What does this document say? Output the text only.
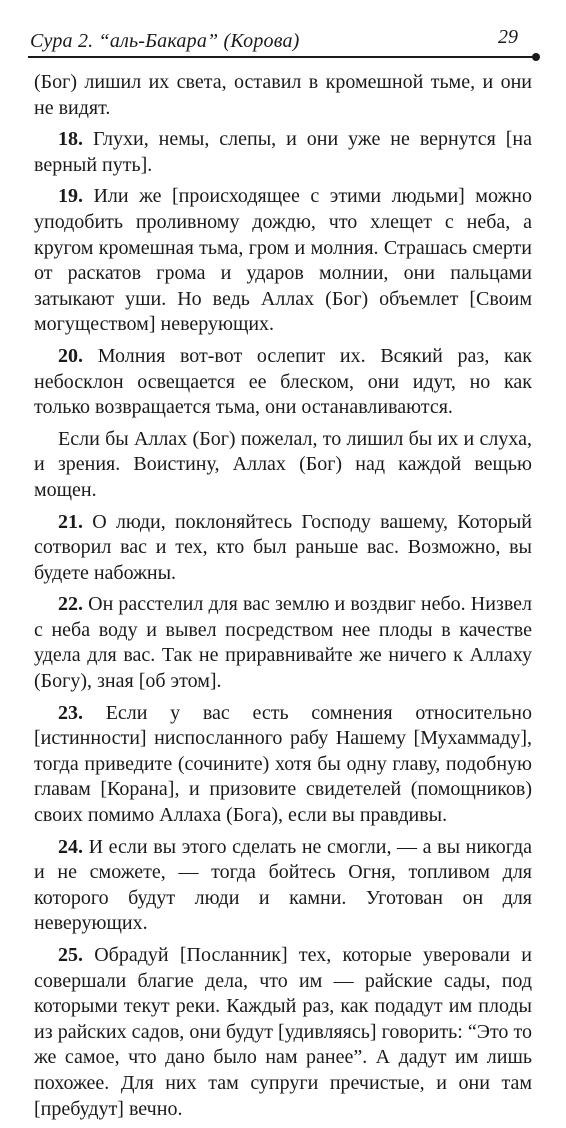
Сура 2. “аль-Бакара” (Корова)	29

(Бог) лишил их света, оставил в кромешной тьме, и они не видят.

18. Глухи, немы, слепы, и они уже не вернутся [на верный путь].

19. Или же [происходящее с этими людьми] можно уподобить проливному дождю, что хлещет с неба, а кругом кромешная тьма, гром и молния. Страшась смерти от раскатов грома и ударов молнии, они пальцами затыкают уши. Но ведь Аллах (Бог) объемлет [Своим могуществом] неверующих.

20. Молния вот-вот ослепит их. Всякий раз, как небосклон освещается ее блеском, они идут, но как только возвращается тьма, они останавливаются.

Если бы Аллах (Бог) пожелал, то лишил бы их и слуха, и зрения. Воистину, Аллах (Бог) над каждой вещью мощен.

21. О люди, поклоняйтесь Господу вашему, Который сотворил вас и тех, кто был раньше вас. Возможно, вы будете набожны.

22. Он расстелил для вас землю и воздвиг небо. Низвел с неба воду и вывел посредством нее плоды в качестве удела для вас. Так не приравнивайте же ничего к Аллаху (Богу), зная [об этом].

23. Если у вас есть сомнения относительно [истинности] ниспосланного рабу Нашему [Мухаммаду], тогда приведите (сочините) хотя бы одну главу, подобную главам [Корана], и призовите свидетелей (помощников) своих помимо Аллаха (Бога), если вы правдивы.

24. И если вы этого сделать не смогли, — а вы никогда и не сможете, — тогда бойтесь Огня, топливом для которого будут люди и камни. Уготован он для неверующих.

25. Обрадуй [Посланник] тех, которые уверовали и совершали благие дела, что им — райские сады, под которыми текут реки. Каждый раз, как подадут им плоды из райских садов, они будут [удивляясь] говорить: “Это то же самое, что дано было нам ранее”. А дадут им лишь похожее. Для них там супруги пречистые, и они там [пребудут] вечно.
